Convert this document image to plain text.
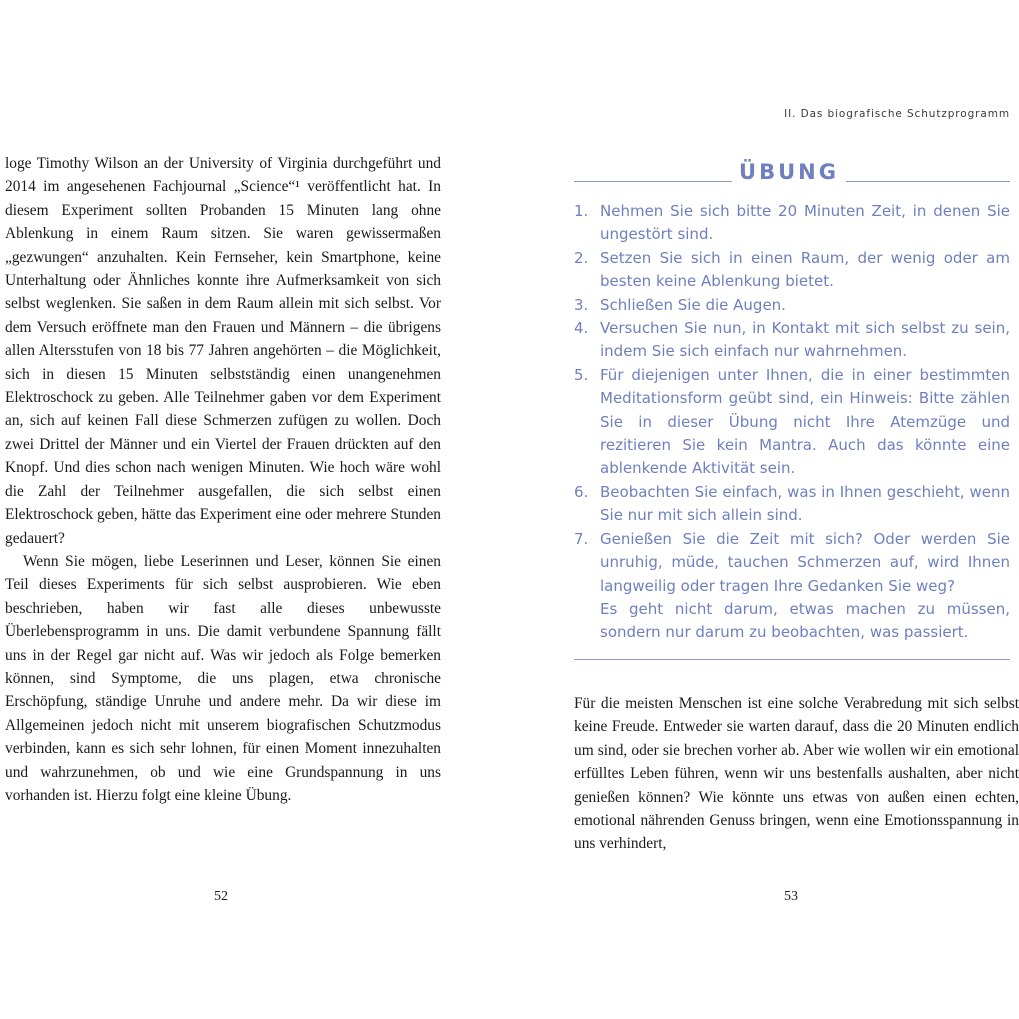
loge Timothy Wilson an der University of Virginia durchgeführt und 2014 im angesehenen Fachjournal „Science“¹ veröffentlicht hat. In diesem Experiment sollten Probanden 15 Minuten lang ohne Ablenkung in einem Raum sitzen. Sie waren gewissermaßen „gezwungen“ anzuhalten. Kein Fernseher, kein Smartphone, keine Unterhaltung oder Ähnliches konnte ihre Aufmerksamkeit von sich selbst weglenken. Sie saßen in dem Raum allein mit sich selbst. Vor dem Versuch eröffnete man den Frauen und Männern – die übrigens allen Altersstufen von 18 bis 77 Jahren angehörten – die Möglichkeit, sich in diesen 15 Minuten selbstständig einen unangenehmen Elektroschock zu geben. Alle Teilnehmer gaben vor dem Experiment an, sich auf keinen Fall diese Schmerzen zufügen zu wollen. Doch zwei Drittel der Männer und ein Viertel der Frauen drückten auf den Knopf. Und dies schon nach wenigen Minuten. Wie hoch wäre wohl die Zahl der Teilnehmer ausgefallen, die sich selbst einen Elektroschock geben, hätte das Experiment eine oder mehrere Stunden gedauert?

Wenn Sie mögen, liebe Leserinnen und Leser, können Sie einen Teil dieses Experiments für sich selbst ausprobieren. Wie eben beschrieben, haben wir fast alle dieses unbewusste Überlebensprogramm in uns. Die damit verbundene Spannung fällt uns in der Regel gar nicht auf. Was wir jedoch als Folge bemerken können, sind Symptome, die uns plagen, etwa chronische Erschöpfung, ständige Unruhe und andere mehr. Da wir diese im Allgemeinen jedoch nicht mit unserem biografischen Schutzmodus verbinden, kann es sich sehr lohnen, für einen Moment innezuhalten und wahrzunehmen, ob und wie eine Grundspannung in uns vorhanden ist. Hierzu folgt eine kleine Übung.

52
II. Das biografische Schutzprogramm
ÜBUNG
1. Nehmen Sie sich bitte 20 Minuten Zeit, in denen Sie ungestört sind.
2. Setzen Sie sich in einen Raum, der wenig oder am besten keine Ablenkung bietet.
3. Schließen Sie die Augen.
4. Versuchen Sie nun, in Kontakt mit sich selbst zu sein, indem Sie sich einfach nur wahrnehmen.
5. Für diejenigen unter Ihnen, die in einer bestimmten Meditationsform geübt sind, ein Hinweis: Bitte zählen Sie in dieser Übung nicht Ihre Atemzüge und rezitieren Sie kein Mantra. Auch das könnte eine ablenkende Aktivität sein.
6. Beobachten Sie einfach, was in Ihnen geschieht, wenn Sie nur mit sich allein sind.
7. Genießen Sie die Zeit mit sich? Oder werden Sie unruhig, müde, tauchen Schmerzen auf, wird Ihnen langweilig oder tragen Ihre Gedanken Sie weg?
Es geht nicht darum, etwas machen zu müssen, sondern nur darum zu beobachten, was passiert.

Für die meisten Menschen ist eine solche Verabredung mit sich selbst keine Freude. Entweder sie warten darauf, dass die 20 Minuten endlich um sind, oder sie brechen vorher ab. Aber wie wollen wir ein emotional erfülltes Leben führen, wenn wir uns bestenfalls aushalten, aber nicht genießen können? Wie könnte uns etwas von außen einen echten, emotional nährenden Genuss bringen, wenn eine Emotionsspannung in uns verhindert,

53
